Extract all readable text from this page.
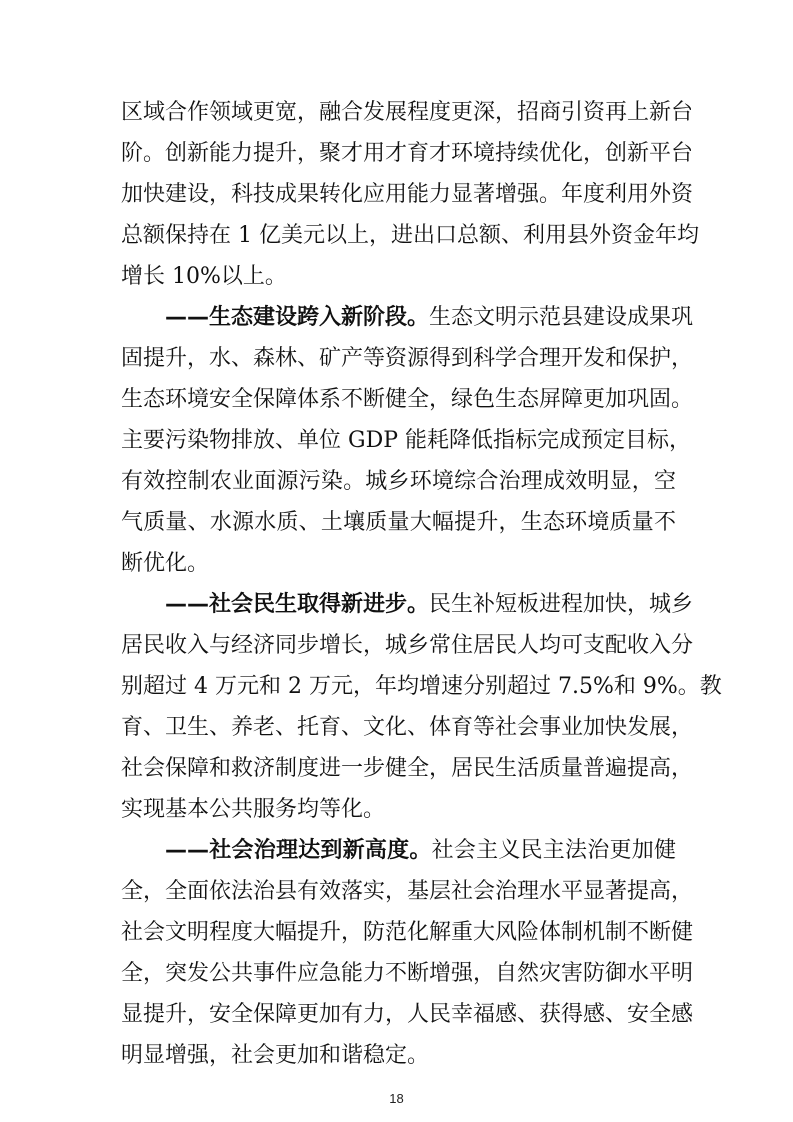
区域合作领域更宽，融合发展程度更深，招商引资再上新台
阶。创新能力提升，聚才用才育才环境持续优化，创新平台
加快建设，科技成果转化应用能力显著增强。年度利用外资
总额保持在 1 亿美元以上，进出口总额、利用县外资金年均
增长 10%以上。
——生态建设跨入新阶段。生态文明示范县建设成果巩
固提升，水、森林、矿产等资源得到科学合理开发和保护，
生态环境安全保障体系不断健全，绿色生态屏障更加巩固。
主要污染物排放、单位 GDP 能耗降低指标完成预定目标，
有效控制农业面源污染。城乡环境综合治理成效明显，空
气质量、水源水质、土壤质量大幅提升，生态环境质量不
断优化。
——社会民生取得新进步。民生补短板进程加快，城乡
居民收入与经济同步增长，城乡常住居民人均可支配收入分
别超过 4 万元和 2 万元，年均增速分别超过 7.5%和 9%。教
育、卫生、养老、托育、文化、体育等社会事业加快发展，
社会保障和救济制度进一步健全，居民生活质量普遍提高，
实现基本公共服务均等化。
——社会治理达到新高度。社会主义民主法治更加健
全，全面依法治县有效落实，基层社会治理水平显著提高，
社会文明程度大幅提升，防范化解重大风险体制机制不断健
全，突发公共事件应急能力不断增强，自然灾害防御水平明
显提升，安全保障更加有力，人民幸福感、获得感、安全感
明显增强，社会更加和谐稳定。
18
